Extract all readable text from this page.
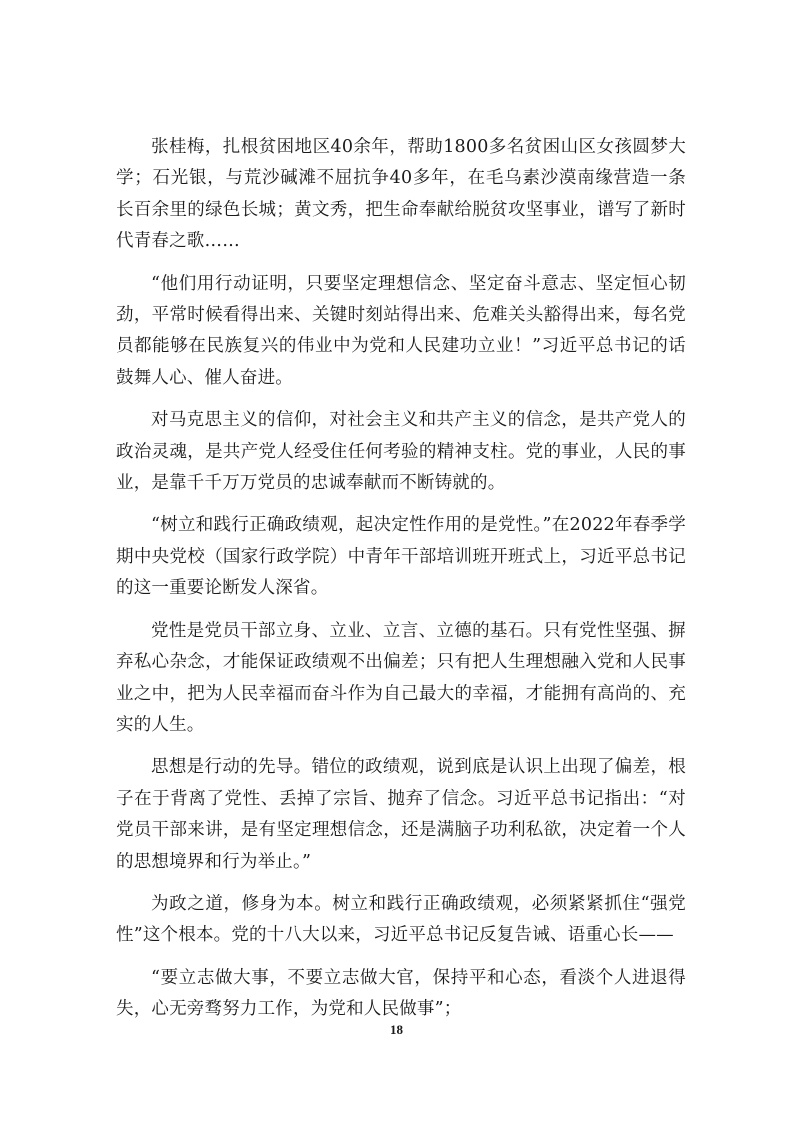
张桂梅，扎根贫困地区40余年，帮助1800多名贫困山区女孩圆梦大学；石光银，与荒沙碱滩不屈抗争40多年，在毛乌素沙漠南缘营造一条长百余里的绿色长城；黄文秀，把生命奉献给脱贫攻坚事业，谱写了新时代青春之歌……

“他们用行动证明，只要坚定理想信念、坚定奋斗意志、坚定恒心韧劲，平常时候看得出来、关键时刻站得出来、危难关头豁得出来，每名党员都能够在民族复兴的伟业中为党和人民建功立业！”习近平总书记的话鼓舞人心、催人奋进。

对马克思主义的信仰，对社会主义和共产主义的信念，是共产党人的政治灵魂，是共产党人经受住任何考验的精神支柱。党的事业，人民的事业，是靠千千万万党员的忠诚奉献而不断铸就的。

“树立和践行正确政绩观，起决定性作用的是党性。”在2022年春季学期中央党校（国家行政学院）中青年干部培训班开班式上，习近平总书记的这一重要论断发人深省。

党性是党员干部立身、立业、立言、立德的基石。只有党性坚强、摒弃私心杂念，才能保证政绩观不出偏差；只有把人生理想融入党和人民事业之中，把为人民幸福而奋斗作为自己最大的幸福，才能拥有高尚的、充实的人生。

思想是行动的先导。错位的政绩观，说到底是认识上出现了偏差，根子在于背离了党性、丢掉了宗旨、抛弃了信念。习近平总书记指出：“对党员干部来讲，是有坚定理想信念，还是满脑子功利私欲，决定着一个人的思想境界和行为举止。”

为政之道，修身为本。树立和践行正确政绩观，必须紧紧抓住“强党性”这个根本。党的十八大以来，习近平总书记反复告诫、语重心长——

“要立志做大事，不要立志做大官，保持平和心态，看淡个人进退得失，心无旁骛努力工作，为党和人民做事”；

18
